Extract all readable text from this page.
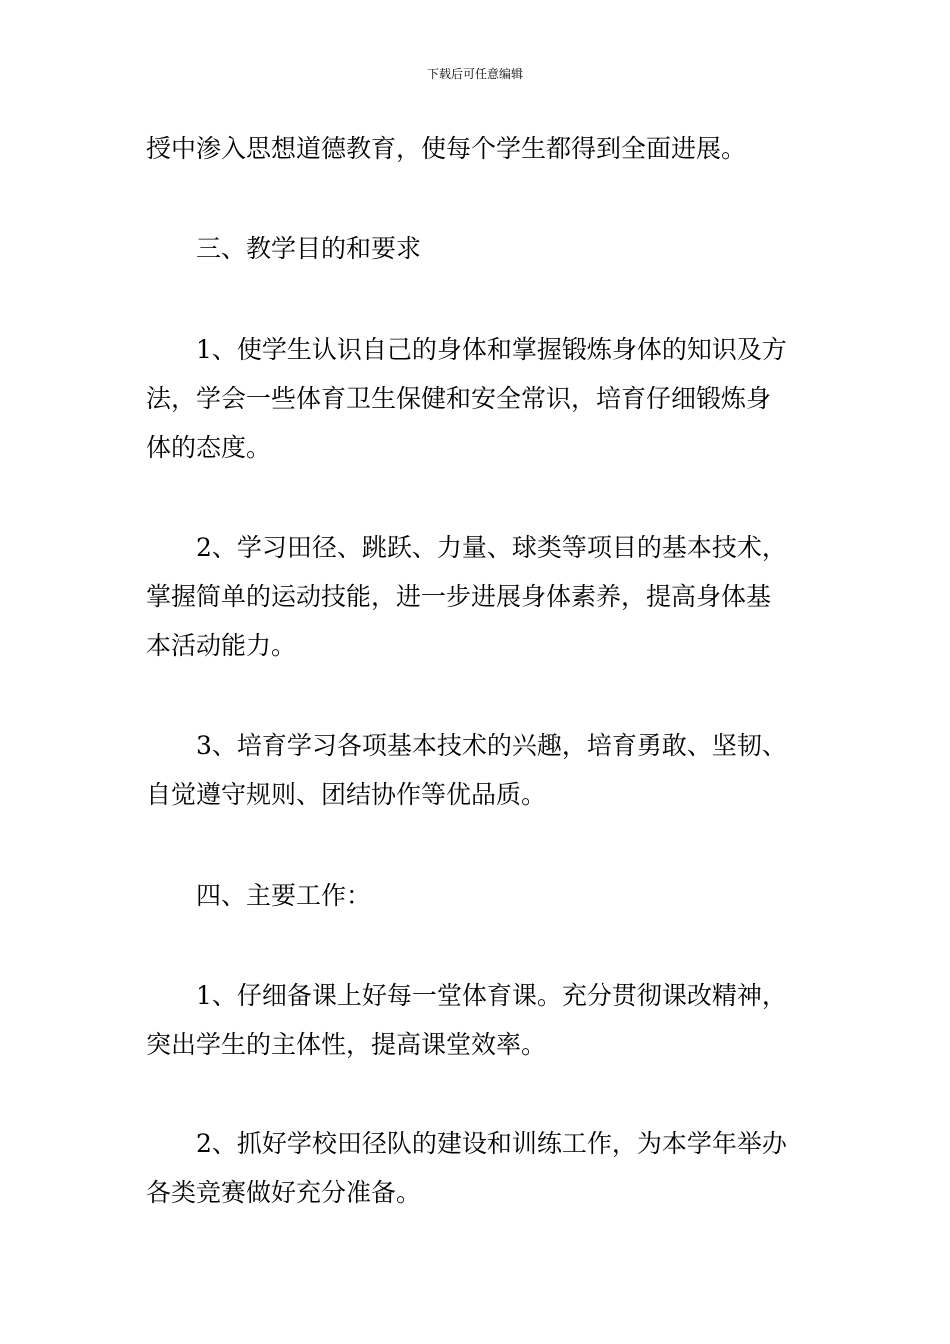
下载后可任意编辑

授中渗入思想道德教育，使每个学生都得到全面进展。

三、教学目的和要求

1、使学生认识自己的身体和掌握锻炼身体的知识及方
法，学会一些体育卫生保健和安全常识，培育仔细锻炼身
体的态度。

2、学习田径、跳跃、力量、球类等项目的基本技术，
掌握简单的运动技能，进一步进展身体素养，提高身体基
本活动能力。

3、培育学习各项基本技术的兴趣，培育勇敢、坚韧、
自觉遵守规则、团结协作等优品质。

四、主要工作：

1、仔细备课上好每一堂体育课。充分贯彻课改精神，
突出学生的主体性，提高课堂效率。

2、抓好学校田径队的建设和训练工作，为本学年举办
各类竞赛做好充分准备。
